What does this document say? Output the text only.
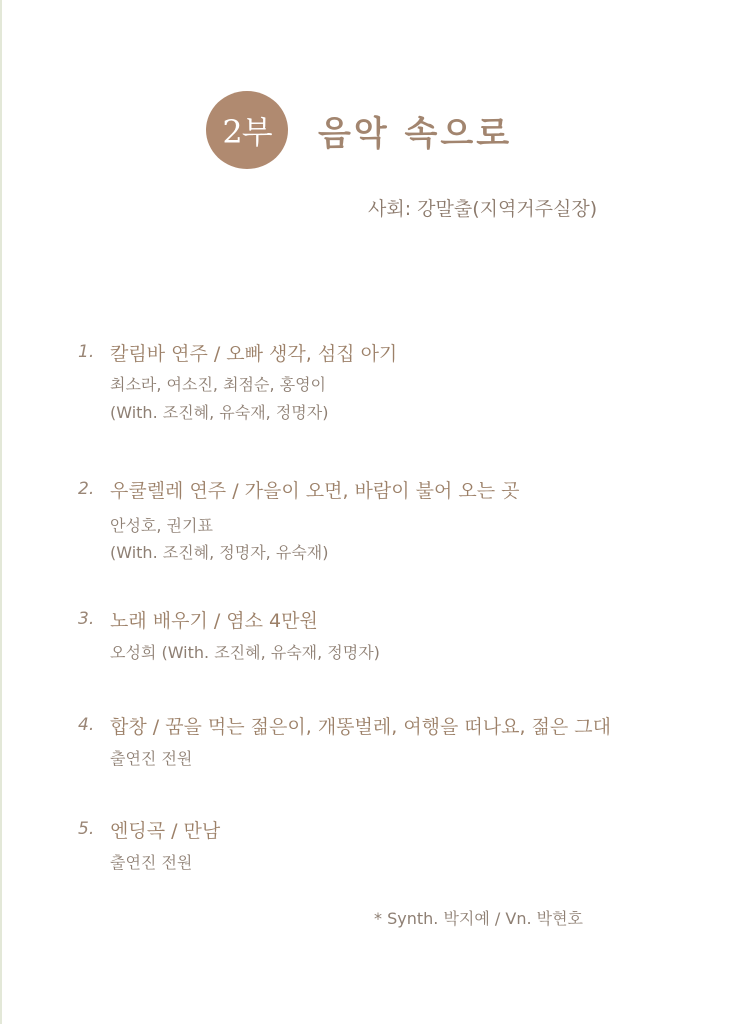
2부 음악 속으로
사회: 강말출(지역거주실장)
1. 칼림바 연주 / 오빠 생각, 섬집 아기
최소라, 여소진, 최점순, 홍영이
(With. 조진혜, 유숙재, 정명자)
2. 우쿨렐레 연주 / 가을이 오면, 바람이 불어 오는 곳
안성호, 권기표
(With. 조진혜, 정명자, 유숙재)
3. 노래 배우기 / 염소 4만원
오성희 (With. 조진혜, 유숙재, 정명자)
4. 합창 / 꿈을 먹는 젊은이, 개똥벌레, 여행을 떠나요, 젊은 그대
출연진 전원
5. 엔딩곡 / 만남
출연진 전원
* Synth. 박지예 / Vn. 박현호
